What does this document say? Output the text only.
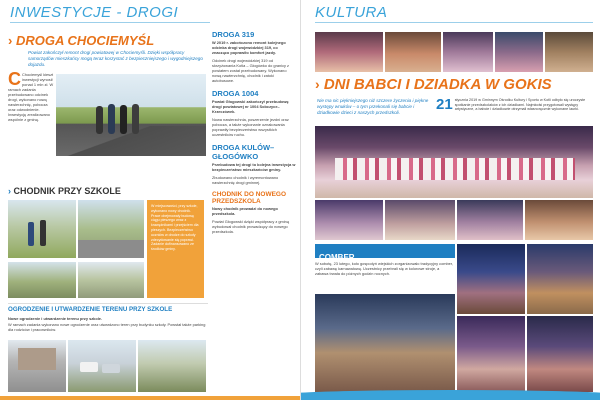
INWESTYCJE - DROGI
› DROGA CHOCIEMYŚL
Powiat zakończył remont drogi powiatowej w Chociemyśli. Dzięki współpracy samorządów mieszkańcy mogą teraz korzystać z bezpieczniejszego i wygodniejszego dojazdu.
C Chociemyśl kieszt inwestycji wynosił ponad 1 mln zł. W ramach zadania przebudowano odcinek drogi, wykonano nową nawierzchnię, pobocza oraz odwodnienie. Inwestycję zrealizowano wspólnie z gminą.
› CHODNIK PRZY SZKOLE
W miejscowości, przy szkole, wykonano nowy chodnik. Prace obejmowały budowę ciągu pieszego wraz z krawężnikami i przejściem dla pieszych. Bezpieczeństwo uczniów w drodze do szkoły zdecydowanie się poprawi. Zadanie dofinansowano ze środków gminy.
OGRODZENIE I UTWARDZENIE TERENU PRZY SZKOLE
Nowe ogrodzenie i utwardzenie terenu przy szkole.
W ramach zadania wykonano nowe ogrodzenie oraz utwardzono teren przy budynku szkoły. Powstał także parking dla rodziców i pracowników.
DROGA 319
W 2019 r. zakończono remont kolejnego odcinka drogi wojewódzkiej 319, co znacząco poprawiło komfort jazdy.
Odcinek drogi wojewódzkiej 319 od skrzyżowania Kotla – Głogówko do granicy z powiatem został przebudowany. Wykonano nową nawierzchnię, chodnik i zatoki autobusowe.
DROGA 1004
Powiat Głogowski zakończył przebudowę drogi powiatowej nr 1004 Sobczyce–Krzeczówek.
Nowa nawierzchnia, poszerzenie jezdni oraz pobocza, a także wykonanie oznakowania poprawiły bezpieczeństwo wszystkich uczestników ruchu.
DROGA KULÓW–GŁOGÓWKO
Przebudowa tej drogi to kolejna inwestycja w bezpieczeństwo mieszkańców gminy.
Zbudowano chodnik i wyremontowano nawierzchnię drogi gminnej.
CHODNIK DO NOWEGO PRZEDSZKOLA
Nowy chodnik prowadzi do nowego przedszkola.
Powiat Głogowski dzięki współpracy z gminą wybudował chodnik prowadzący do nowego przedszkola.
KULTURA
› DNI BABCI I DZIADKA W GOKIS
Nie ma nic piękniejszego niż szczere życzenia i piękne występy wnuków – o tym przekonali się babcie i dziadkowie dzieci z naszych przedszkoli.	21 stycznia 2019 w Gminnym Ośrodku Kultury i Sportu w Kotli odbyło się uroczyste spotkanie przedszkolaków z ich dziadkami. Najmłodsi przygotowali występy artystyczne, a babcie i dziadkowie otrzymali własnoręcznie wykonane laurki.
COMBER
W sobotę, 23 lutego, koło gospodyń wiejskich zorganizowało tradycyjny comber, czyli zabawę karnawałową. Uczestnicy przebrali się w kolorowe stroje, a zabawa trwała do późnych godzin nocnych.
